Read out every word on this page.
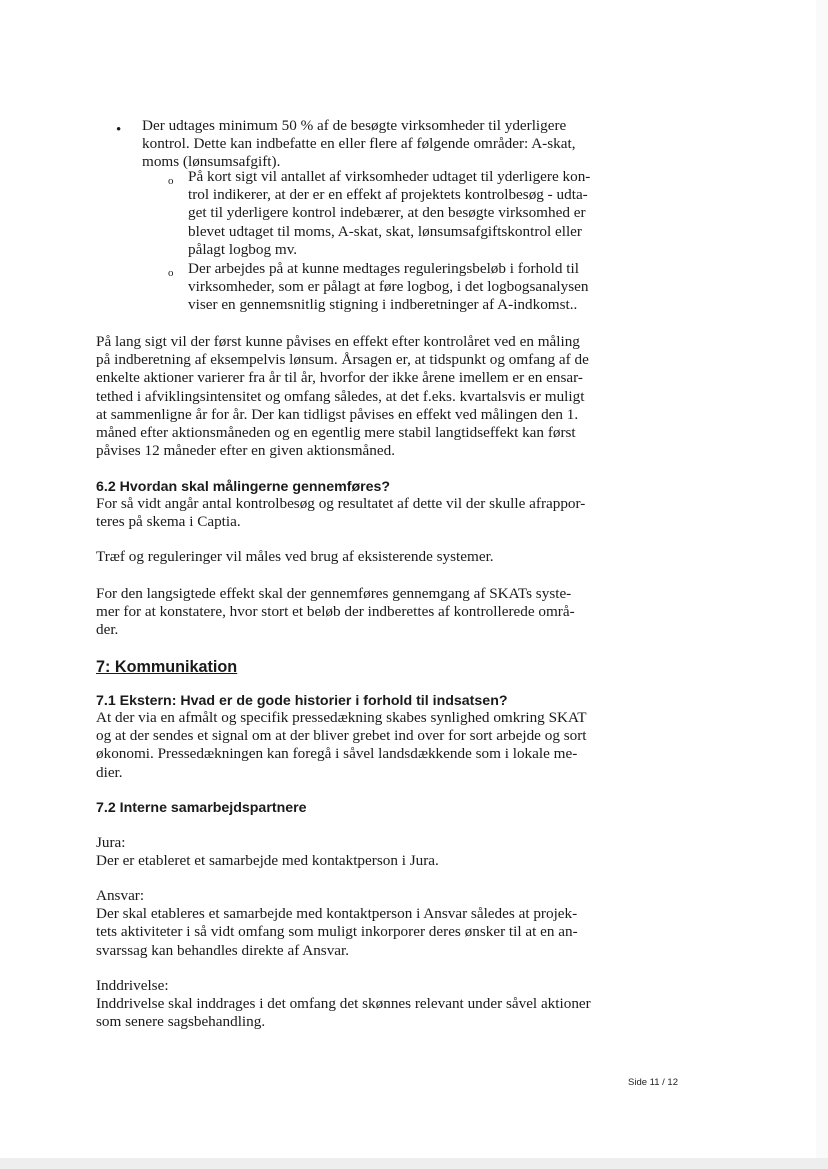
• Der udtages minimum 50 % af de besøgte virksomheder til yderligere
kontrol. Dette kan indbefatte en eller flere af følgende områder: A-skat,
moms (lønsumsafgift).
o På kort sigt vil antallet af virksomheder udtaget til yderligere kon-
trol indikerer, at der er en effekt af projektets kontrolbesøg - udta-
get til yderligere kontrol indebærer, at den besøgte virksomhed er
blevet udtaget til moms, A-skat, skat, lønsumsafgiftskontrol eller
pålagt logbog mv.
o Der arbejdes på at kunne medtages reguleringsbeløb i forhold til
virksomheder, som er pålagt at føre logbog, i det logbogsanalysen
viser en gennemsnitlig stigning i indberetninger af A-indkomst..
På lang sigt vil der først kunne påvises en effekt efter kontrolåret ved en måling
på indberetning af eksempelvis lønsum. Årsagen er, at tidspunkt og omfang af de
enkelte aktioner varierer fra år til år, hvorfor der ikke årene imellem er en ensar-
tethed i afviklingsintensitet og omfang således, at det f.eks. kvartalsvis er muligt
at sammenligne år for år. Der kan tidligst påvises en effekt ved målingen den 1.
måned efter aktionsmåneden og en egentlig mere stabil langtidseffekt kan først
påvises 12 måneder efter en given aktionsmåned.
6.2 Hvordan skal målingerne gennemføres?
For så vidt angår antal kontrolbesøg og resultatet af dette vil der skulle afrappor-
teres på skema i Captia.
Træf og reguleringer vil måles ved brug af eksisterende systemer.
For den langsigtede effekt skal der gennemføres gennemgang af SKATs syste-
mer for at konstatere, hvor stort et beløb der indberettes af kontrollerede områ-
der.
7: Kommunikation
7.1 Ekstern: Hvad er de gode historier i forhold til indsatsen?
At der via en afmålt og specifik pressedækning skabes synlighed omkring SKAT
og at der sendes et signal om at der bliver grebet ind over for sort arbejde og sort
økonomi. Pressedækningen kan foregå i såvel landsdækkende som i lokale me-
dier.
7.2 Interne samarbejdspartnere
Jura:
Der er etableret et samarbejde med kontaktperson i Jura.
Ansvar:
Der skal etableres et samarbejde med kontaktperson i Ansvar således at projek-
tets aktiviteter i så vidt omfang som muligt inkorporer deres ønsker til at en an-
svarssag kan behandles direkte af Ansvar.
Inddrivelse:
Inddrivelse skal inddrages i det omfang det skønnes relevant under såvel aktioner
som senere sagsbehandling.
Side 11 / 12
